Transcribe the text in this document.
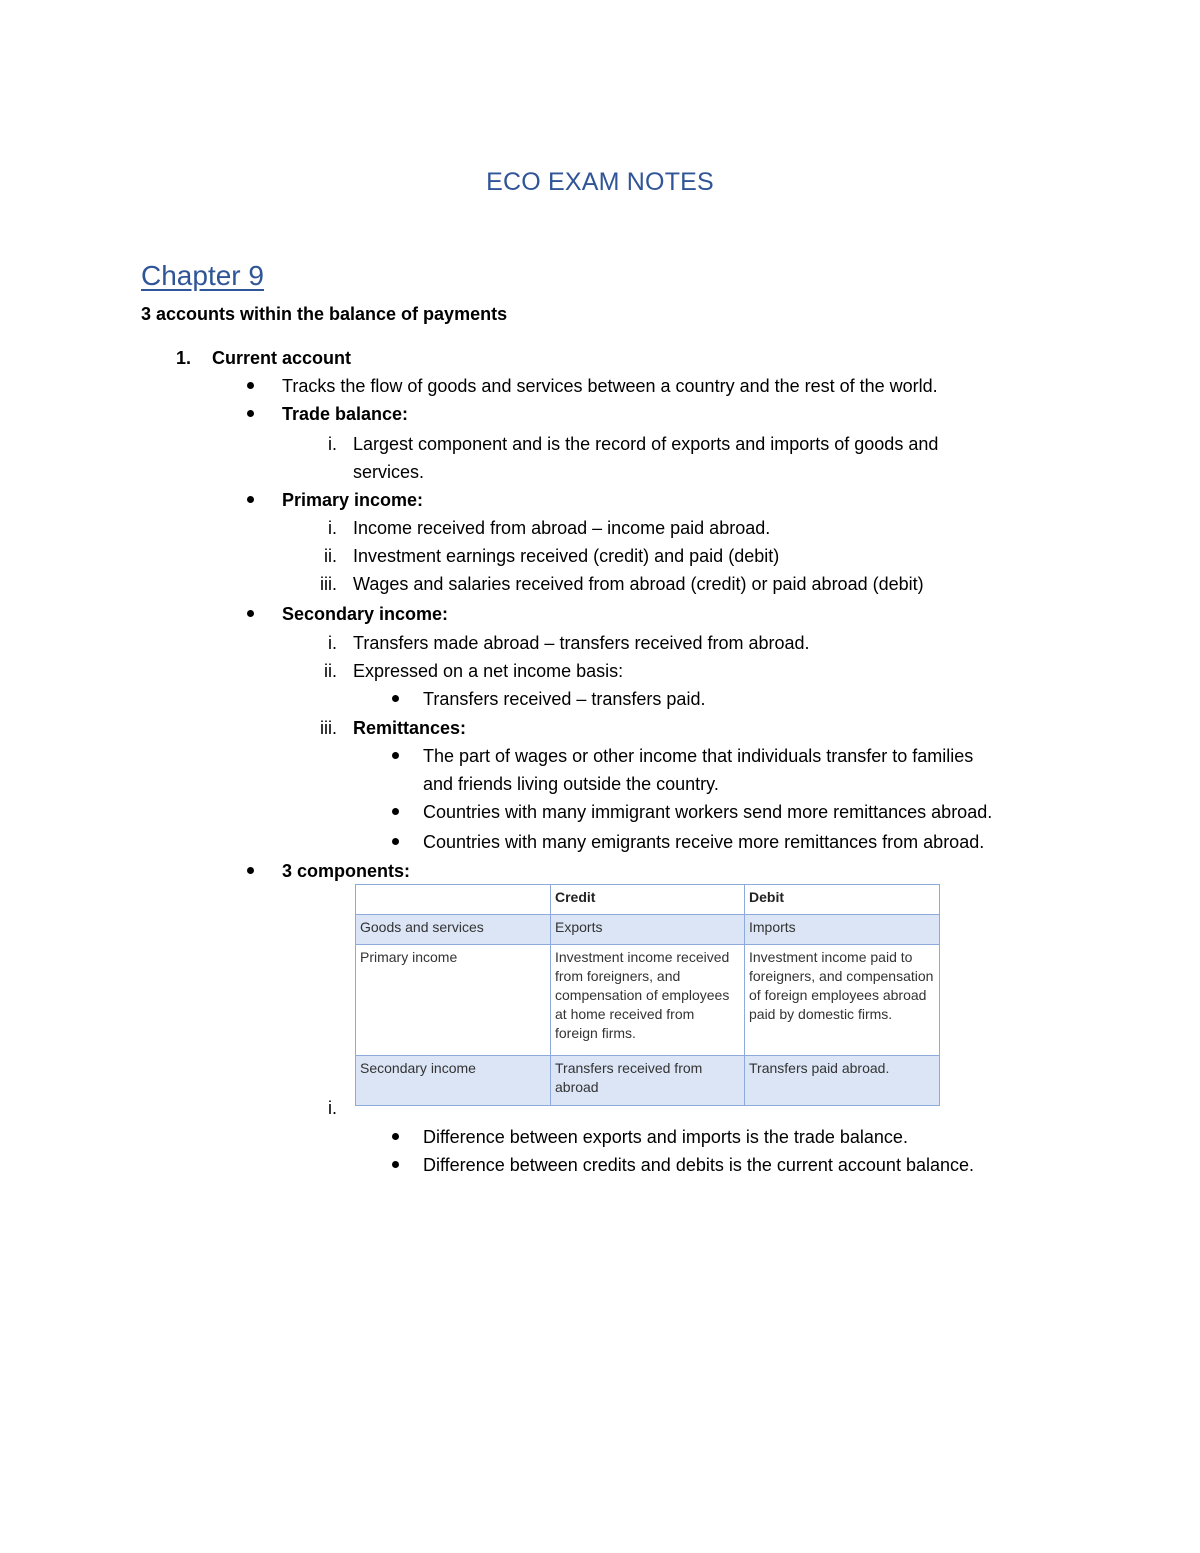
ECO EXAM NOTES
Chapter 9
3 accounts within the balance of payments
1. Current account
Tracks the flow of goods and services between a country and the rest of the world.
Trade balance:
i. Largest component and is the record of exports and imports of goods and
services.
Primary income:
i. Income received from abroad – income paid abroad.
ii. Investment earnings received (credit) and paid (debit)
iii. Wages and salaries received from abroad (credit) or paid abroad (debit)
Secondary income:
i. Transfers made abroad – transfers received from abroad.
ii. Expressed on a net income basis:
Transfers received – transfers paid.
iii. Remittances:
The part of wages or other income that individuals transfer to families
and friends living outside the country.
Countries with many immigrant workers send more remittances abroad.
Countries with many emigrants receive more remittances from abroad.
3 components:
	Credit	Debit
Goods and services	Exports	Imports
Primary income	Investment income received from foreigners, and compensation of employees at home received from foreign firms.	Investment income paid to foreigners, and compensation of foreign employees abroad paid by domestic firms.
Secondary income	Transfers received from abroad	Transfers paid abroad.
i.
Difference between exports and imports is the trade balance.
Difference between credits and debits is the current account balance.
